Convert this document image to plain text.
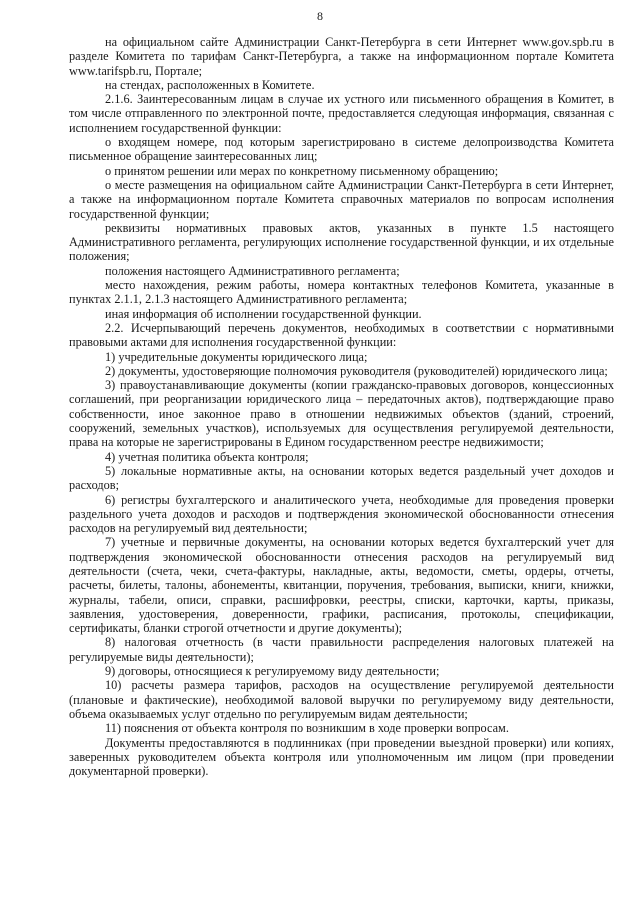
8

на официальном сайте Администрации Санкт-Петербурга в сети Интернет www.gov.spb.ru в разделе Комитета по тарифам Санкт-Петербурга, а также на информационном портале Комитета www.tarifspb.ru, Портале;

на стендах, расположенных в Комитете.

2.1.6. Заинтересованным лицам в случае их устного или письменного обращения в Комитет, в том числе отправленного по электронной почте, предоставляется следующая информация, связанная с исполнением государственной функции:

о входящем номере, под которым зарегистрировано в системе делопроизводства Комитета письменное обращение заинтересованных лиц;

о принятом решении или мерах по конкретному письменному обращению;

о месте размещения на официальном сайте Администрации Санкт-Петербурга в сети Интернет, а также на информационном портале Комитета справочных материалов по вопросам исполнения государственной функции;

реквизиты нормативных правовых актов, указанных в пункте 1.5 настоящего Административного регламента, регулирующих исполнение государственной функции, и их отдельные положения;

положения настоящего Административного регламента;

место нахождения, режим работы, номера контактных телефонов Комитета, указанные в пунктах 2.1.1, 2.1.3 настоящего Административного регламента;

иная информация об исполнении государственной функции.

2.2. Исчерпывающий перечень документов, необходимых в соответствии с нормативными правовыми актами для исполнения государственной функции:

1) учредительные документы юридического лица;

2) документы, удостоверяющие полномочия руководителя (руководителей) юридического лица;

3) правоустанавливающие документы (копии гражданско-правовых договоров, концессионных соглашений, при реорганизации юридического лица – передаточных актов), подтверждающие право собственности, иное законное право в отношении недвижимых объектов (зданий, строений, сооружений, земельных участков), используемых для осуществления регулируемой деятельности, права на которые не зарегистрированы в Едином государственном реестре недвижимости;

4) учетная политика объекта контроля;

5) локальные нормативные акты, на основании которых ведется раздельный учет доходов и расходов;

6) регистры бухгалтерского и аналитического учета, необходимые для проведения проверки раздельного учета доходов и расходов и подтверждения экономической обоснованности отнесения расходов на регулируемый вид деятельности;

7) учетные и первичные документы, на основании которых ведется бухгалтерский учет для подтверждения экономической обоснованности отнесения расходов на регулируемый вид деятельности (счета, чеки, счета-фактуры, накладные, акты, ведомости, сметы, ордеры, отчеты, расчеты, билеты, талоны, абонементы, квитанции, поручения, требования, выписки, книги, книжки, журналы, табели, описи, справки, расшифровки, реестры, списки, карточки, карты, приказы, заявления, удостоверения, доверенности, графики, расписания, протоколы, спецификации, сертификаты, бланки строгой отчетности и другие документы);

8) налоговая отчетность (в части правильности распределения налоговых платежей на регулируемые виды деятельности);

9) договоры, относящиеся к регулируемому виду деятельности;

10) расчеты размера тарифов, расходов на осуществление регулируемой деятельности (плановые и фактические), необходимой валовой выручки по регулируемому виду деятельности, объема оказываемых услуг отдельно по регулируемым видам деятельности;

11) пояснения от объекта контроля по возникшим в ходе проверки вопросам.

Документы предоставляются в подлинниках (при проведении выездной проверки) или копиях, заверенных руководителем объекта контроля или уполномоченным им лицом (при проведении документарной проверки).
